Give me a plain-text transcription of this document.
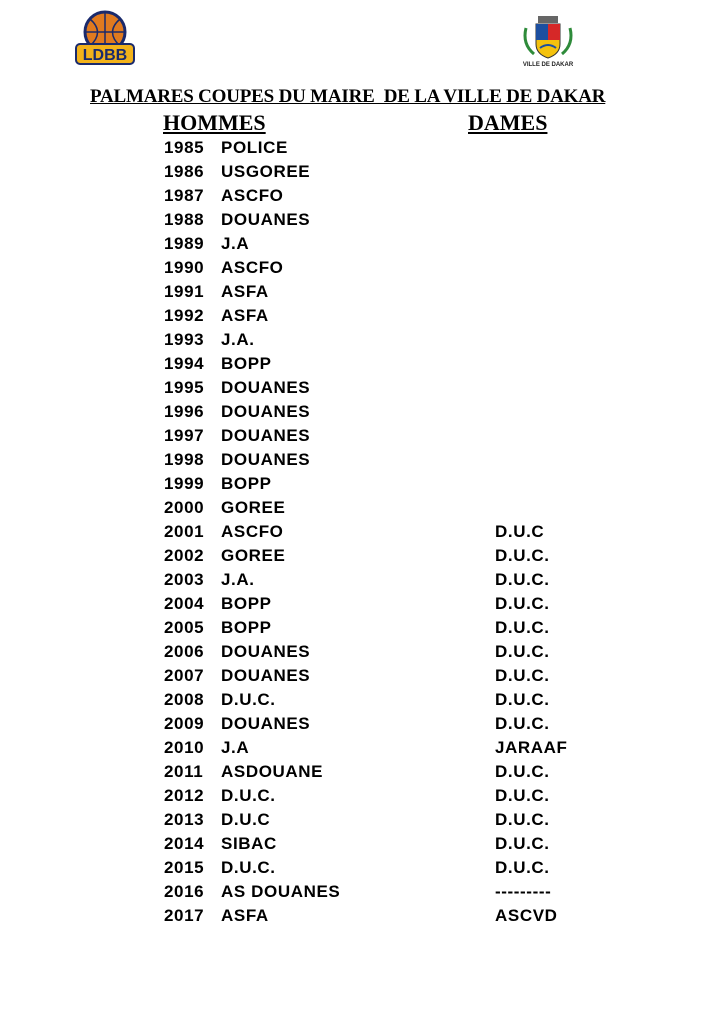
LDBB
VILLE DE DAKAR
PALMARES COUPES DU MAIRE  DE LA VILLE DE DAKAR
HOMMES	DAMES
1985 POLICE
1986 USGOREE
1987 ASCFO
1988 DOUANES
1989 J.A
1990 ASCFO
1991 ASFA
1992 ASFA
1993 J.A.
1994 BOPP
1995 DOUANES
1996 DOUANES
1997 DOUANES
1998 DOUANES
1999 BOPP
2000 GOREE
2001 ASCFO	D.U.C
2002 GOREE	D.U.C.
2003 J.A.	D.U.C.
2004 BOPP	D.U.C.
2005 BOPP	D.U.C.
2006 DOUANES	D.U.C.
2007 DOUANES	D.U.C.
2008 D.U.C.	D.U.C.
2009 DOUANES	D.U.C.
2010 J.A	JARAAF
2011 ASDOUANE	D.U.C.
2012 D.U.C.	D.U.C.
2013 D.U.C	D.U.C.
2014 SIBAC	D.U.C.
2015 D.U.C.	D.U.C.
2016 AS DOUANES	---------
2017 ASFA	ASCVD
